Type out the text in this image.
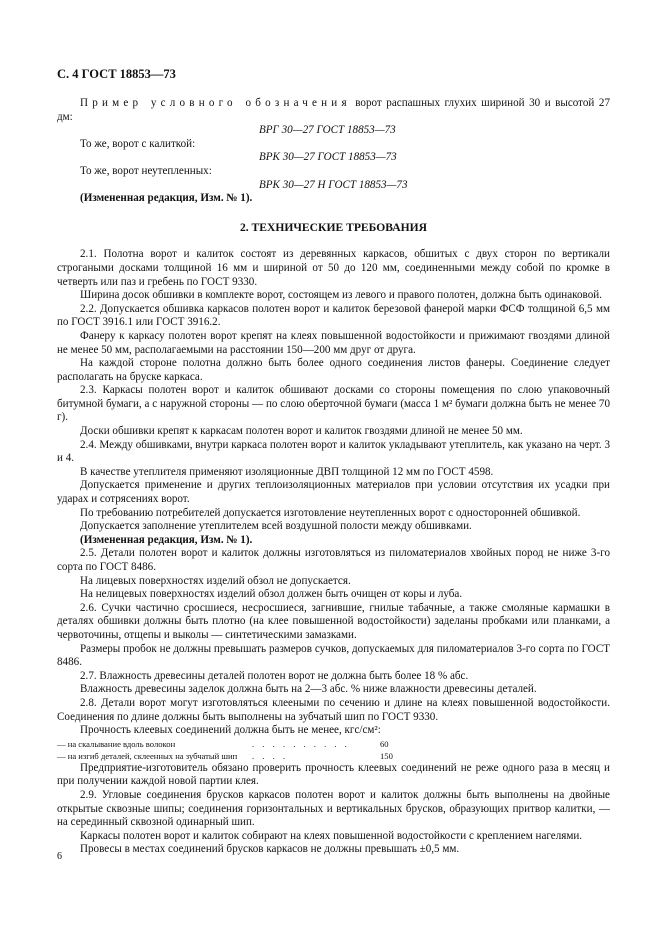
С. 4 ГОСТ 18853—73

Пример условного обозначения ворот распашных глухих шириной 30 и высотой 27 дм:

ВРГ 30—27 ГОСТ 18853—73

То же, ворот с калиткой:

ВРК 30—27 ГОСТ 18853—73

То же, ворот неутепленных:

ВРК 30—27 Н ГОСТ 18853—73

(Измененная редакция, Изм. № 1).

2. ТЕХНИЧЕСКИЕ ТРЕБОВАНИЯ

2.1. Полотна ворот и калиток состоят из деревянных каркасов, обшитых с двух сторон по вертикали строгаными досками толщиной 16 мм и шириной от 50 до 120 мм, соединенными между собой по кромке в четверть или паз и гребень по ГОСТ 9330.

Ширина досок обшивки в комплекте ворот, состоящем из левого и правого полотен, должна быть одинаковой.

2.2. Допускается обшивка каркасов полотен ворот и калиток березовой фанерой марки ФСФ толщиной 6,5 мм по ГОСТ 3916.1 или ГОСТ 3916.2.

Фанеру к каркасу полотен ворот крепят на клеях повышенной водостойкости и прижимают гвоздями длиной не менее 50 мм, располагаемыми на расстоянии 150—200 мм друг от друга.

На каждой стороне полотна должно быть более одного соединения листов фанеры. Соединение следует располагать на бруске каркаса.

2.3. Каркасы полотен ворот и калиток обшивают досками со стороны помещения по слою упаковочный битумной бумаги, а с наружной стороны — по слою оберточной бумаги (масса 1 м² бумаги должна быть не менее 70 г).

Доски обшивки крепят к каркасам полотен ворот и калиток гвоздями длиной не менее 50 мм.

2.4. Между обшивками, внутри каркаса полотен ворот и калиток укладывают утеплитель, как указано на черт. 3 и 4.

В качестве утеплителя применяют изоляционные ДВП толщиной 12 мм по ГОСТ 4598.

Допускается применение и других теплоизоляционных материалов при условии отсутствия их усадки при ударах и сотрясениях ворот.

По требованию потребителей допускается изготовление неутепленных ворот с односторонней обшивкой.

Допускается заполнение утеплителем всей воздушной полости между обшивками.

(Измененная редакция, Изм. № 1).

2.5. Детали полотен ворот и калиток должны изготовляться из пиломатериалов хвойных пород не ниже 3-го сорта по ГОСТ 8486.

На лицевых поверхностях изделий обзол не допускается.

На нелицевых поверхностях изделий обзол должен быть очищен от коры и луба.

2.6. Сучки частично сросшиеся, несросшиеся, загнившие, гнилые табачные, а также смоляные кармашки в деталях обшивки должны быть плотно (на клее повышенной водостойкости) заделаны пробками или планками, а червоточины, отщепы и выколы — синтетическими замазками.

Размеры пробок не должны превышать размеров сучков, допускаемых для пиломатериалов 3-го сорта по ГОСТ 8486.

2.7. Влажность древесины деталей полотен ворот не должна быть более 18 % абс.

Влажность древесины заделок должна быть на 2—3 абс. % ниже влажности древесины деталей.

2.8. Детали ворот могут изготовляться клееными по сечению и длине на клеях повышенной водостойкости. Соединения по длине должны быть выполнены на зубчатый шип по ГОСТ 9330.

Прочность клеевых соединений должна быть не менее, кгс/см²:

— на скалывание вдоль волокон	. . . . . . . . . .	60
— на изгиб деталей, склеенных на зубчатый шип	. . . .	150

Предприятие-изготовитель обязано проверить прочность клеевых соединений не реже одного раза в месяц и при получении каждой новой партии клея.

2.9. Угловые соединения брусков каркасов полотен ворот и калиток должны быть выполнены на двойные открытые сквозные шипы; соединения горизонтальных и вертикальных брусков, образующих притвор калитки, — на серединный сквозной одинарный шип.

Каркасы полотен ворот и калиток собирают на клеях повышенной водостойкости с креплением нагелями.

Провесы в местах соединений брусков каркасов не должны превышать ±0,5 мм.

6
